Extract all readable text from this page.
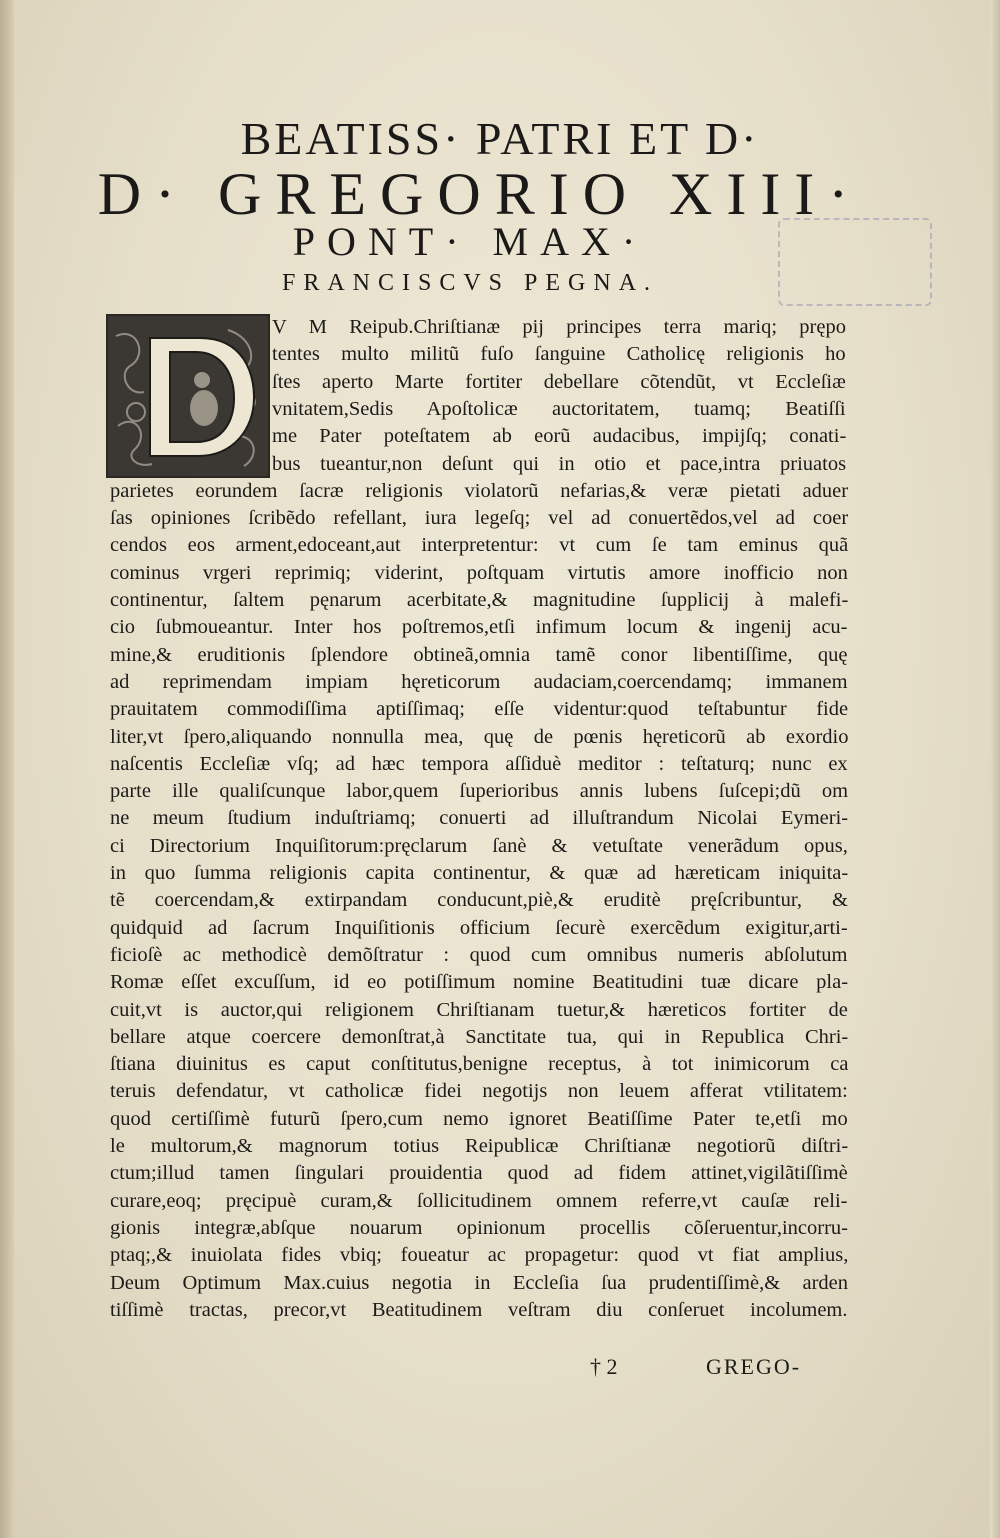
BEATISS· PATRI ET D·
D· GREGORIO XIII·
PONT· MAX·
FRANCISCVS PEGNA.
† 2	GREGO-
V M Reipub.Chriſtianæ pij principes terra mariq; prępo
tentes multo militũ fuſo ſanguine Catholicę religionis ho
ſtes aperto Marte fortiter debellare cõtendũt, vt Eccleſiæ
vnitatem,Sedis Apoſtolicæ auctoritatem, tuamq; Beatiſſi
me Pater poteſtatem ab eorũ audacibus, impijſq; conati-
bus tueantur,non deſunt qui in otio et pace,intra priuatos
parietes eorundem ſacræ religionis violatorũ nefarias,& veræ pietati aduer
ſas opiniones ſcribẽdo refellant, iura legeſq; vel ad conuertẽdos,vel ad coer
cendos eos arment,edoceant,aut interpretentur: vt cum ſe tam eminus quã
cominus vrgeri reprimiq; viderint, poſtquam virtutis amore inofficio non
continentur, ſaltem pęnarum acerbitate,& magnitudine ſupplicij à malefi-
cio ſubmoueantur. Inter hos poſtremos,etſi infimum locum & ingenij acu-
mine,& eruditionis ſplendore obtineã,omnia tamẽ conor libentiſſime, quę
ad reprimendam impiam hęreticorum audaciam,coercendamq; immanem
prauitatem commodiſſima aptiſſimaq; eſſe videntur:quod teſtabuntur fide
liter,vt ſpero,aliquando nonnulla mea, quę de pœnis hęreticorũ ab exordio
naſcentis Eccleſiæ vſq; ad hæc tempora aſſiduè meditor : teſtaturq; nunc ex
parte ille qualiſcunque labor,quem ſuperioribus annis lubens ſuſcepi;dũ om
ne meum ſtudium induſtriamq; conuerti ad illuſtrandum Nicolai Eymeri-
ci Directorium Inquiſitorum:pręclarum ſanè & vetuſtate venerãdum opus,
in quo ſumma religionis capita continentur, & quæ ad hæreticam iniquita-
tẽ coercendam,& extirpandam conducunt,piè,& eruditè pręſcribuntur, &
quidquid ad ſacrum Inquiſitionis officium ſecurè exercẽdum exigitur,arti-
ficioſè ac methodicè demõſtratur : quod cum omnibus numeris abſolutum
Romæ eſſet excuſſum, id eo potiſſimum nomine Beatitudini tuæ dicare pla-
cuit,vt is auctor,qui religionem Chriſtianam tuetur,& hæreticos fortiter de
bellare atque coercere demonſtrat,à Sanctitate tua, qui in Republica Chri-
ſtiana diuinitus es caput conſtitutus,benigne receptus, à tot inimicorum ca
teruis defendatur, vt catholicæ fidei negotijs non leuem afferat vtilitatem:
quod certiſſimè futurũ ſpero,cum nemo ignoret Beatiſſime Pater te,etſi mo
le multorum,& magnorum totius Reipublicæ Chriſtianæ negotiorũ diſtri-
ctum;illud tamen ſingulari prouidentia quod ad fidem attinet,vigilãtiſſimè
curare,eoq; pręcipuè curam,& ſollicitudinem omnem referre,vt cauſæ reli-
gionis integræ,abſque nouarum opinionum procellis cõſeruentur,incorru-
ptaq;,& inuiolata fides vbiq; foueatur ac propagetur: quod vt fiat amplius,
Deum Optimum Max.cuius negotia in Eccleſia ſua prudentiſſimè,& arden
tiſſimè tractas, precor,vt Beatitudinem veſtram diu conſeruet incolumem.
